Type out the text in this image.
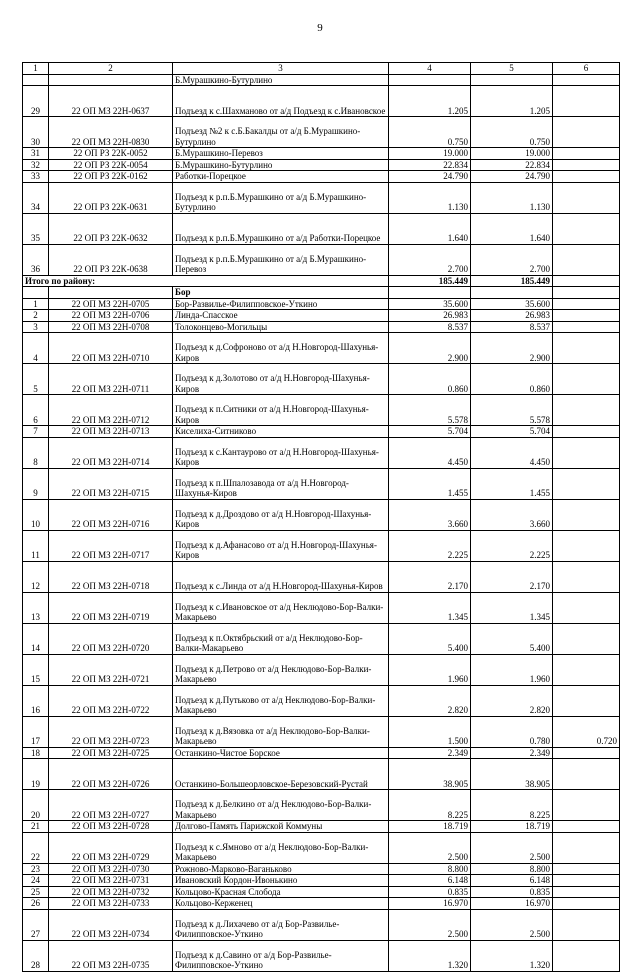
9
1	2	3	4	5	6
		Б.Мурашкино-Бутурлино			
29	22 ОП МЗ 22Н-0637	Подъезд к с.Шахманово от а/д Подъезд к с.Ивановское	1.205	1.205	
30	22 ОП МЗ 22Н-0830	Подъезд №2 к с.Б.Бакалды от а/д Б.Мурашкино-Бутурлино	0.750	0.750	
31	22 ОП РЗ 22К-0052	Б.Мурашкино-Перевоз	19.000	19.000	
32	22 ОП РЗ 22К-0054	Б.Мурашкино-Бутурлино	22.834	22.834	
33	22 ОП РЗ 22К-0162	Работки-Порецкое	24.790	24.790	
34	22 ОП РЗ 22К-0631	Подъезд к р.п.Б.Мурашкино от а/д Б.Мурашкино-Бутурлино	1.130	1.130	
35	22 ОП РЗ 22К-0632	Подъезд к р.п.Б.Мурашкино от а/д Работки-Порецкое	1.640	1.640	
36	22 ОП РЗ 22К-0638	Подъезд к р.п.Б.Мурашкино от а/д Б.Мурашкино-Перевоз	2.700	2.700	
Итого по району:			185.449	185.449	
		Бор			
1	22 ОП МЗ 22Н-0705	Бор-Развилье-Филипповское-Уткино	35.600	35.600	
2	22 ОП МЗ 22Н-0706	Линда-Спасское	26.983	26.983	
3	22 ОП МЗ 22Н-0708	Толоконцево-Могильцы	8.537	8.537	
4	22 ОП МЗ 22Н-0710	Подъезд к д.Софроново от а/д Н.Новгород-Шахунья-Киров	2.900	2.900	
5	22 ОП МЗ 22Н-0711	Подъезд к д.Золотово от а/д Н.Новгород-Шахунья-Киров	0.860	0.860	
6	22 ОП МЗ 22Н-0712	Подъезд к п.Ситники от а/д Н.Новгород-Шахунья-Киров	5.578	5.578	
7	22 ОП МЗ 22Н-0713	Киселиха-Ситниково	5.704	5.704	
8	22 ОП МЗ 22Н-0714	Подъезд к с.Кантаурово от а/д Н.Новгород-Шахунья-Киров	4.450	4.450	
9	22 ОП МЗ 22Н-0715	Подъезд к п.Шпалозавода от а/д Н.Новгород-Шахунья-Киров	1.455	1.455	
10	22 ОП МЗ 22Н-0716	Подъезд к д.Дроздово от а/д Н.Новгород-Шахунья-Киров	3.660	3.660	
11	22 ОП МЗ 22Н-0717	Подъезд к д.Афанасово от а/д Н.Новгород-Шахунья-Киров	2.225	2.225	
12	22 ОП МЗ 22Н-0718	Подъезд к с.Линда от а/д Н.Новгород-Шахунья-Киров	2.170	2.170	
13	22 ОП МЗ 22Н-0719	Подъезд к с.Ивановское от а/д Неклюдово-Бор-Валки-Макарьево	1.345	1.345	
14	22 ОП МЗ 22Н-0720	Подъезд к п.Октябрьский от а/д Неклюдово-Бор-Валки-Макарьево	5.400	5.400	
15	22 ОП МЗ 22Н-0721	Подъезд к д.Петрово от а/д Неклюдово-Бор-Валки-Макарьево	1.960	1.960	
16	22 ОП МЗ 22Н-0722	Подъезд к д.Путьково от а/д Неклюдово-Бор-Валки-Макарьево	2.820	2.820	
17	22 ОП МЗ 22Н-0723	Подъезд к д.Вязовка от а/д Неклюдово-Бор-Валки-Макарьево	1.500	0.780	0.720
18	22 ОП МЗ 22Н-0725	Останкино-Чистое Борское	2.349	2.349	
19	22 ОП МЗ 22Н-0726	Останкино-Большеорловское-Березовский-Рустай	38.905	38.905	
20	22 ОП МЗ 22Н-0727	Подъезд к д.Белкино от а/д Неклюдово-Бор-Валки-Макарьево	8.225	8.225	
21	22 ОП МЗ 22Н-0728	Долгово-Память Парижской Коммуны	18.719	18.719	
22	22 ОП МЗ 22Н-0729	Подъезд к с.Ямново от а/д Неклюдово-Бор-Валки-Макарьево	2.500	2.500	
23	22 ОП МЗ 22Н-0730	Рожново-Марково-Ваганьково	8.800	8.800	
24	22 ОП МЗ 22Н-0731	Ивановский Кордон-Ивонькино	6.148	6.148	
25	22 ОП МЗ 22Н-0732	Кольцово-Красная Слобода	0.835	0.835	
26	22 ОП МЗ 22Н-0733	Кольцово-Керженец	16.970	16.970	
27	22 ОП МЗ 22Н-0734	Подъезд к д.Лихачево от а/д Бор-Развилье-Филипповское-Уткино	2.500	2.500	
28	22 ОП МЗ 22Н-0735	Подъезд к д.Савино от а/д Бор-Развилье-Филипповское-Уткино	1.320	1.320	
